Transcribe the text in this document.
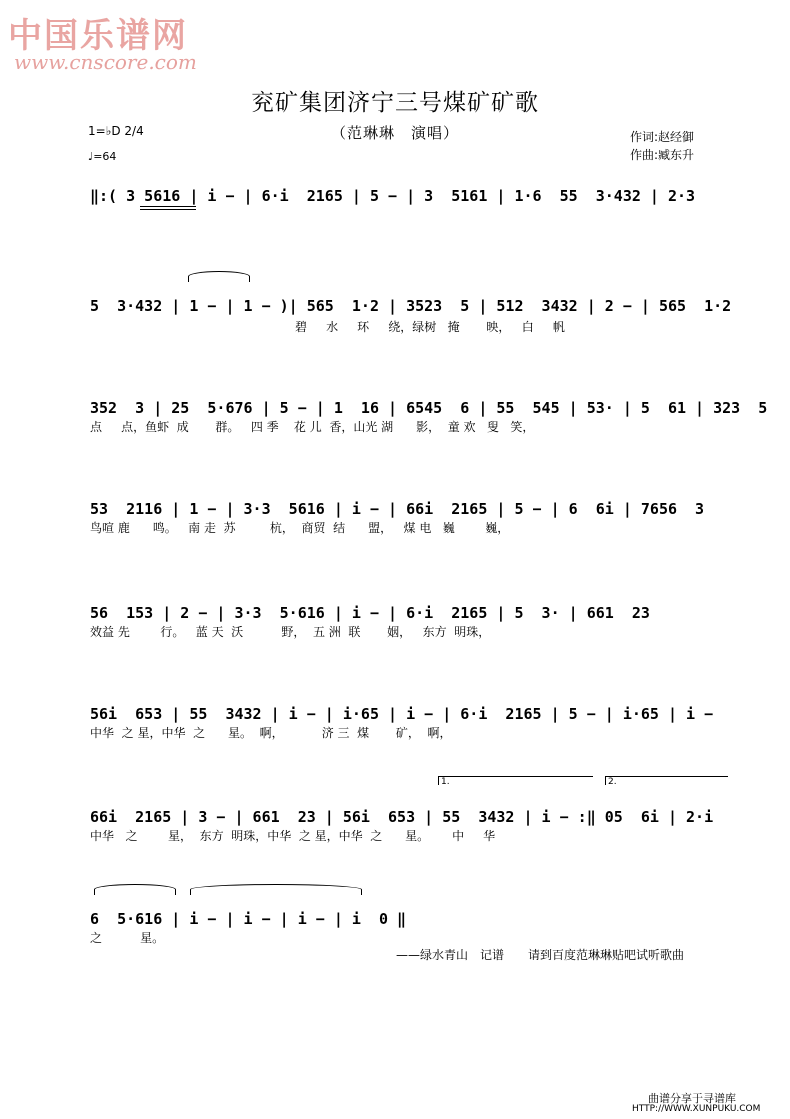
中国乐谱网
www.cnscore.com
兖矿集团济宁三号煤矿矿歌
（范琳琳　演唱）
1=♭D 2/4
♩=64
作词:赵经御
作曲:臧东升
‖:( 3 5616 | i − | 6·i  2165 | 5 − | 3  5161 | 1·6  55  3·432 | 2·3
5  3·432 | 1 − | 1 − )| 565  1·2 | 3523  5 | 512  3432 | 2 − | 565  1·2
碧     水     环     绕，绿树   掩       映，   白     帆
352  3 | 25  5·676 | 5 − | 1  16 | 6545  6 | 55  545 | 53· | 5  61 | 323  5
点     点，鱼虾  成       群。   四 季    花 儿  香，山光 湖      影，  童 欢   叟   笑，
53  2116 | 1 − | 3·3  5616 | i − | 66i  2165 | 5 − | 6  6i | 7656  3
鸟喧 鹿      鸣。   南 走  苏         杭，  商贸  结      盟，   煤 电   巍        巍，
56  153 | 2 − | 3·3  5·616 | i − | 6·i  2165 | 5  3· | 661  23
效益 先        行。   蓝 天  沃          野，  五 洲  联       姻，   东方  明珠，
56i  653 | 55  3432 | i − | i·65 | i − | 6·i  2165 | 5 − | i·65 | i −
中华  之 星，中华  之      星。  啊，          济 三  煤       矿，  啊，
1.	2.
66i  2165 | 3 − | 661  23 | 56i  653 | 55  3432 | i − :‖ 05  6i | 2·i
中华   之        星，  东方  明珠，中华  之 星，中华  之      星。      中     华
6  5·616 | i − | i − | i − | i  0 ‖
之          星。
——绿水青山　记谱　　请到百度范琳琳贴吧试听歌曲
曲谱分享于寻谱库
HTTP://WWW.XUNPUKU.COM
